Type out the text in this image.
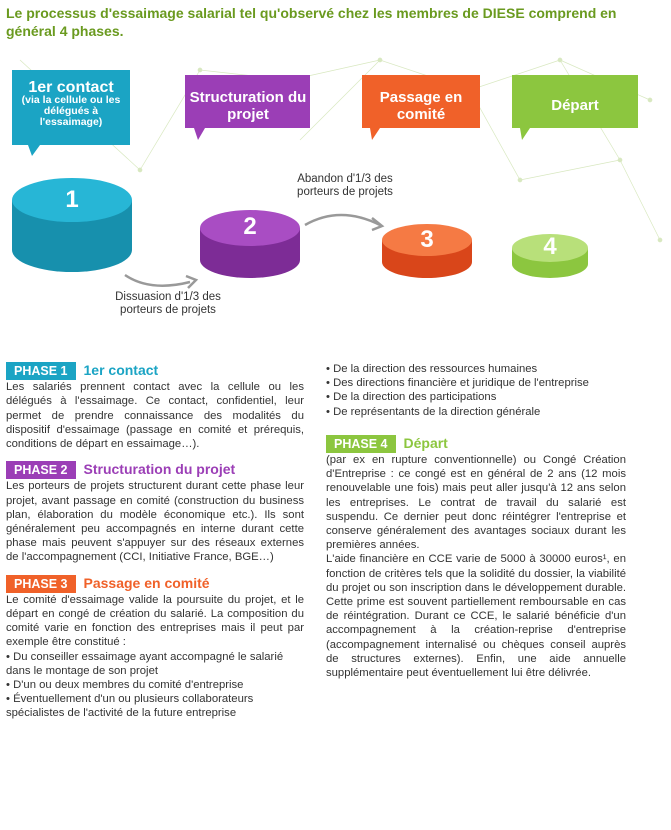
Le processus d'essaimage salarial tel qu'observé chez les membres de DIESE comprend en général 4 phases.
1er contact
(via la cellule ou les délégués à l'essaimage)
Structuration du projet
Passage en comité
Départ
1
2	3	4
Dissuasion d'1/3 des porteurs de projets
Abandon d'1/3 des porteurs de projets
PHASE 1 1er contact
Les salariés prennent contact avec la cellule ou les délégués à l'essaimage. Ce contact, confidentiel, leur permet de prendre connaissance des modalités du dispositif d'essaimage (passage en comité et prérequis, conditions de départ en essaimage…).
PHASE 2 Structuration du projet
Les porteurs de projets structurent durant cette phase leur projet, avant passage en comité (construction du business plan, élaboration du modèle économique etc.). Ils sont généralement peu accompagnés en interne durant cette phase mais peuvent s'appuyer sur des réseaux externes de l'accompagnement (CCI, Initiative France, BGE…)
PHASE 3 Passage en comité
Le comité d'essaimage valide la poursuite du projet, et le départ en congé de création du salarié. La composition du comité varie en fonction des entreprises mais il peut par exemple être constitué :
• Du conseiller essaimage ayant accompagné le salarié dans le montage de son projet
• D'un ou deux membres du comité d'entreprise
• Éventuellement d'un ou plusieurs collaborateurs spécialistes de l'activité de la future entreprise
• De la direction des ressources humaines
• Des directions financière et juridique de l'entreprise
• De la direction des participations
• De représentants de la direction générale
PHASE 4 Départ
(par ex en rupture conventionnelle) ou Congé Création d'Entreprise : ce congé est en général de 2 ans (12 mois renouvelable une fois) mais peut aller jusqu'à 12 ans selon les entreprises. Le contrat de travail du salarié est suspendu. Ce dernier peut donc réintégrer l'entreprise et conserve généralement des avantages sociaux durant les premières années.
L'aide financière en CCE varie de 5000 à 30000 euros¹, en fonction de critères tels que la solidité du dossier, la viabilité du projet ou son inscription dans le développement durable. Cette prime est souvent partiellement remboursable en cas de réintégration. Durant ce CCE, le salarié bénéficie d'un accompagnement à la création-reprise d'entreprise (accompagnement internalisé ou chèques conseil auprès de structures externes). Enfin, une aide annuelle supplémentaire peut éventuellement lui être délivrée.
